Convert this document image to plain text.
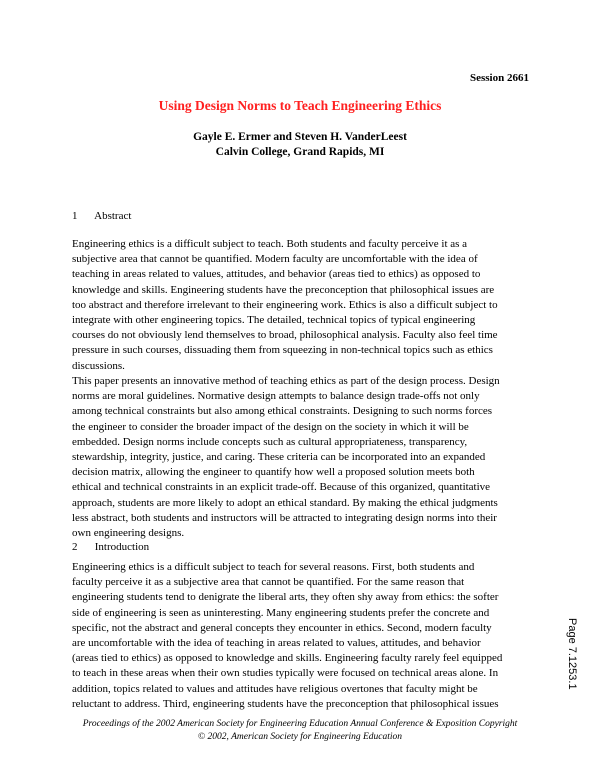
Session 2661
Using Design Norms to Teach Engineering Ethics
Gayle E. Ermer and Steven H. VanderLeest
Calvin College, Grand Rapids, MI
1 Abstract
Engineering ethics is a difficult subject to teach. Both students and faculty perceive it as a
subjective area that cannot be quantified. Modern faculty are uncomfortable with the idea of
teaching in areas related to values, attitudes, and behavior (areas tied to ethics) as opposed to
knowledge and skills. Engineering students have the preconception that philosophical issues are
too abstract and therefore irrelevant to their engineering work. Ethics is also a difficult subject to
integrate with other engineering topics. The detailed, technical topics of typical engineering
courses do not obviously lend themselves to broad, philosophical analysis. Faculty also feel time
pressure in such courses, dissuading them from squeezing in non-technical topics such as ethics
discussions.
This paper presents an innovative method of teaching ethics as part of the design process. Design
norms are moral guidelines. Normative design attempts to balance design trade-offs not only
among technical constraints but also among ethical constraints. Designing to such norms forces
the engineer to consider the broader impact of the design on the society in which it will be
embedded. Design norms include concepts such as cultural appropriateness, transparency,
stewardship, integrity, justice, and caring. These criteria can be incorporated into an expanded
decision matrix, allowing the engineer to quantify how well a proposed solution meets both
ethical and technical constraints in an explicit trade-off. Because of this organized, quantitative
approach, students are more likely to adopt an ethical standard. By making the ethical judgments
less abstract, both students and instructors will be attracted to integrating design norms into their
own engineering designs.
2 Introduction
Engineering ethics is a difficult subject to teach for several reasons. First, both students and
faculty perceive it as a subjective area that cannot be quantified. For the same reason that
engineering students tend to denigrate the liberal arts, they often shy away from ethics: the softer
side of engineering is seen as uninteresting. Many engineering students prefer the concrete and
specific, not the abstract and general concepts they encounter in ethics. Second, modern faculty
are uncomfortable with the idea of teaching in areas related to values, attitudes, and behavior
(areas tied to ethics) as opposed to knowledge and skills. Engineering faculty rarely feel equipped
to teach in these areas when their own studies typically were focused on technical areas alone. In
addition, topics related to values and attitudes have religious overtones that faculty might be
reluctant to address. Third, engineering students have the preconception that philosophical issues
Proceedings of the 2002 American Society for Engineering Education Annual Conference & Exposition Copyright
© 2002, American Society for Engineering Education
Page 7.1253.1
